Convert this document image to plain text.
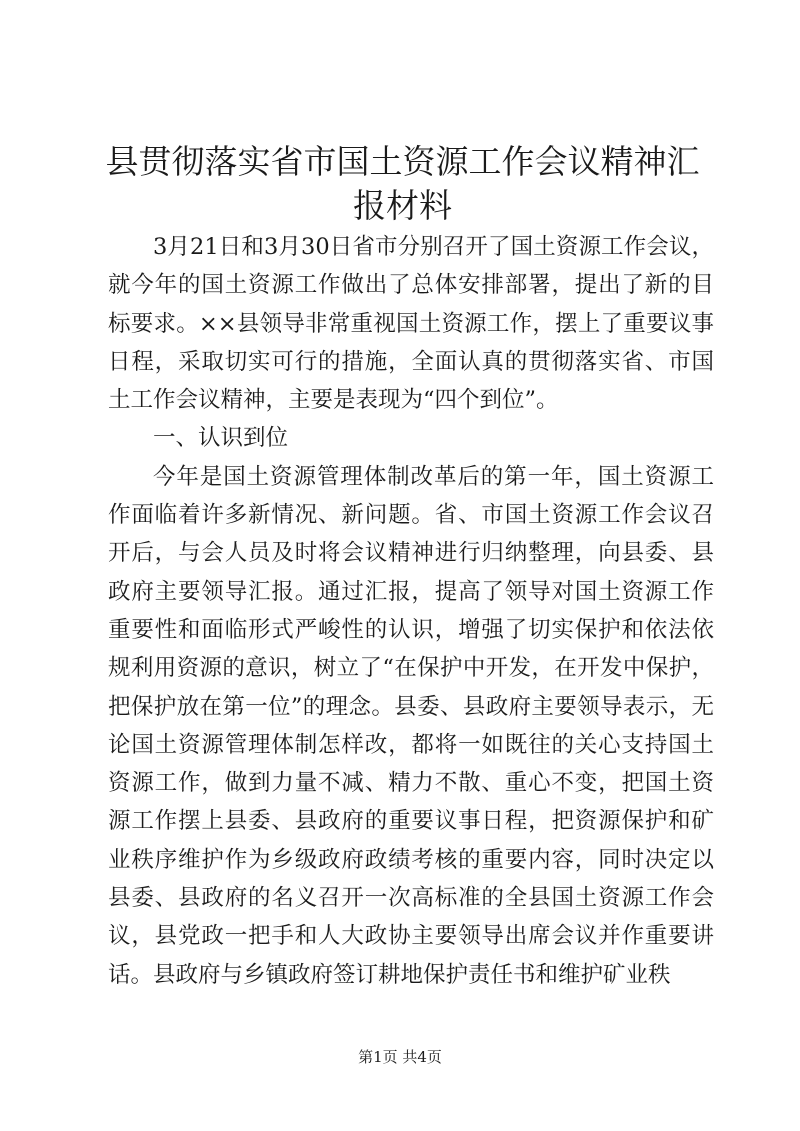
县贯彻落实省市国土资源工作会议精神汇报材料

3月21日和3月30日省市分别召开了国土资源工作会议，就今年的国土资源工作做出了总体安排部署，提出了新的目标要求。××县领导非常重视国土资源工作，摆上了重要议事日程，采取切实可行的措施，全面认真的贯彻落实省、市国土工作会议精神，主要是表现为“四个到位”。

一、认识到位

今年是国土资源管理体制改革后的第一年，国土资源工作面临着许多新情况、新问题。省、市国土资源工作会议召开后，与会人员及时将会议精神进行归纳整理，向县委、县政府主要领导汇报。通过汇报，提高了领导对国土资源工作重要性和面临形式严峻性的认识，增强了切实保护和依法依规利用资源的意识，树立了“在保护中开发，在开发中保护，把保护放在第一位”的理念。县委、县政府主要领导表示，无论国土资源管理体制怎样改，都将一如既往的关心支持国土资源工作，做到力量不减、精力不散、重心不变，把国土资源工作摆上县委、县政府的重要议事日程，把资源保护和矿业秩序维护作为乡级政府政绩考核的重要内容，同时决定以县委、县政府的名义召开一次高标准的全县国土资源工作会议，县党政一把手和人大政协主要领导出席会议并作重要讲话。县政府与乡镇政府签订耕地保护责任书和维护矿业秩

第1页 共4页
